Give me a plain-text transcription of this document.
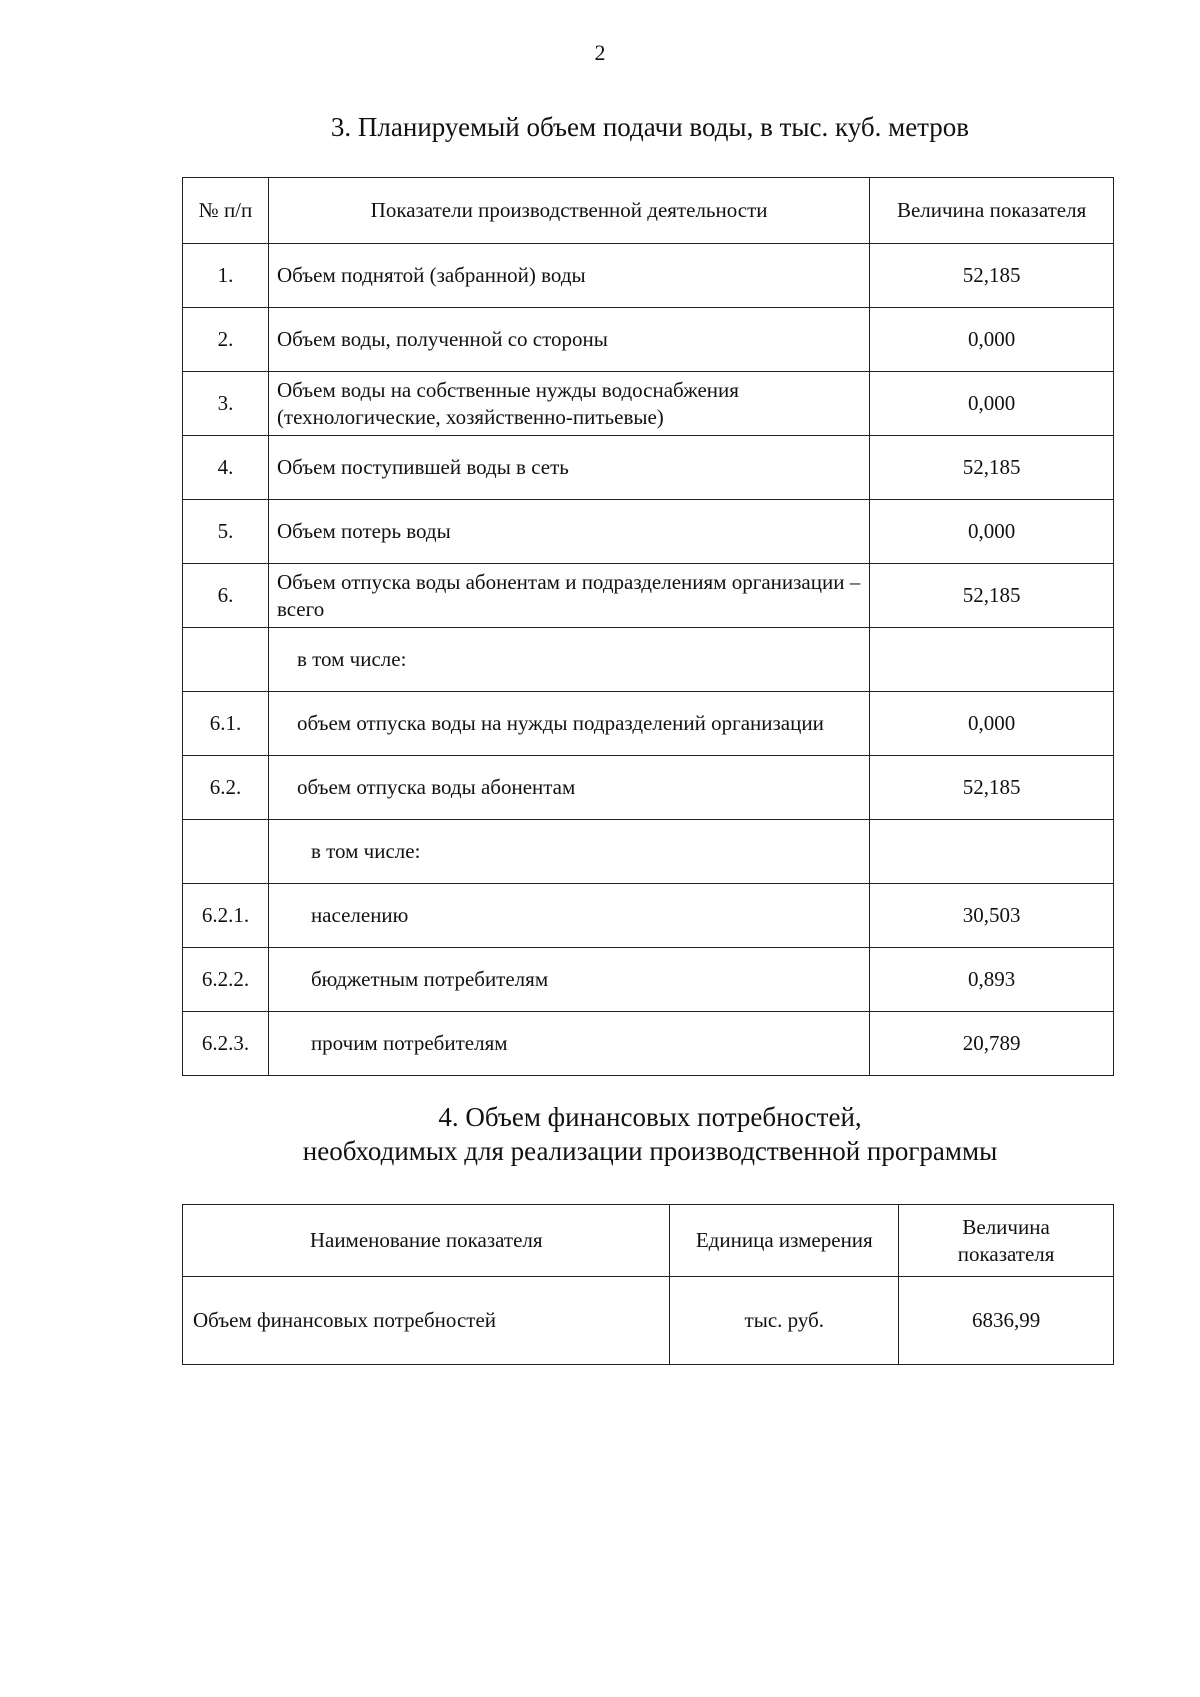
2
3. Планируемый объем подачи воды, в тыс. куб. метров
№ п/п	Показатели производственной деятельности	Величина показателя
1.	Объем поднятой (забранной) воды	52,185
2.	Объем воды, полученной со стороны	0,000
3.	Объем воды на собственные нужды водоснабжения (технологические, хозяйственно-питьевые)	0,000
4.	Объем поступившей воды в сеть	52,185
5.	Объем потерь воды	0,000
6.	Объем отпуска воды абонентам и подразделениям организации – всего	52,185
	в том числе:	
6.1.	объем отпуска воды на нужды подразделений организации	0,000
6.2.	объем отпуска воды абонентам	52,185
	в том числе:	
6.2.1.	населению	30,503
6.2.2.	бюджетным потребителям	0,893
6.2.3.	прочим потребителям	20,789
4. Объем финансовых потребностей,
необходимых для реализации производственной программы
Наименование показателя	Единица измерения	Величина
показателя

Объем финансовых потребностей	тыс. руб.	6836,99
